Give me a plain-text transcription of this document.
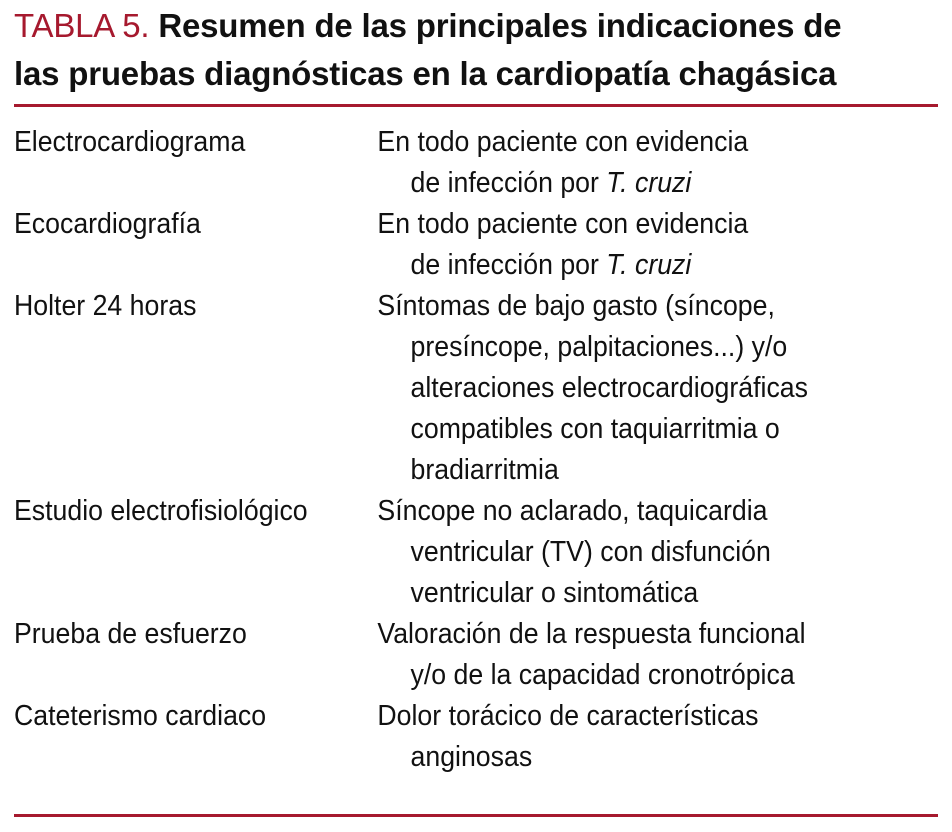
TABLA 5. Resumen de las principales indicaciones de
las pruebas diagnósticas en la cardiopatía chagásica
Electrocardiograma	En todo paciente con evidencia
de infección por T. cruzi
Ecocardiografía	En todo paciente con evidencia
de infección por T. cruzi
Holter 24 horas	Síntomas de bajo gasto (síncope,
presíncope, palpitaciones...) y/o
alteraciones electrocardiográficas
compatibles con taquiarritmia o
bradiarritmia
Estudio electrofisiológico	Síncope no aclarado, taquicardia
ventricular (TV) con disfunción
ventricular o sintomática
Prueba de esfuerzo	Valoración de la respuesta funcional
y/o de la capacidad cronotrópica
Cateterismo cardiaco	Dolor torácico de características
anginosas
